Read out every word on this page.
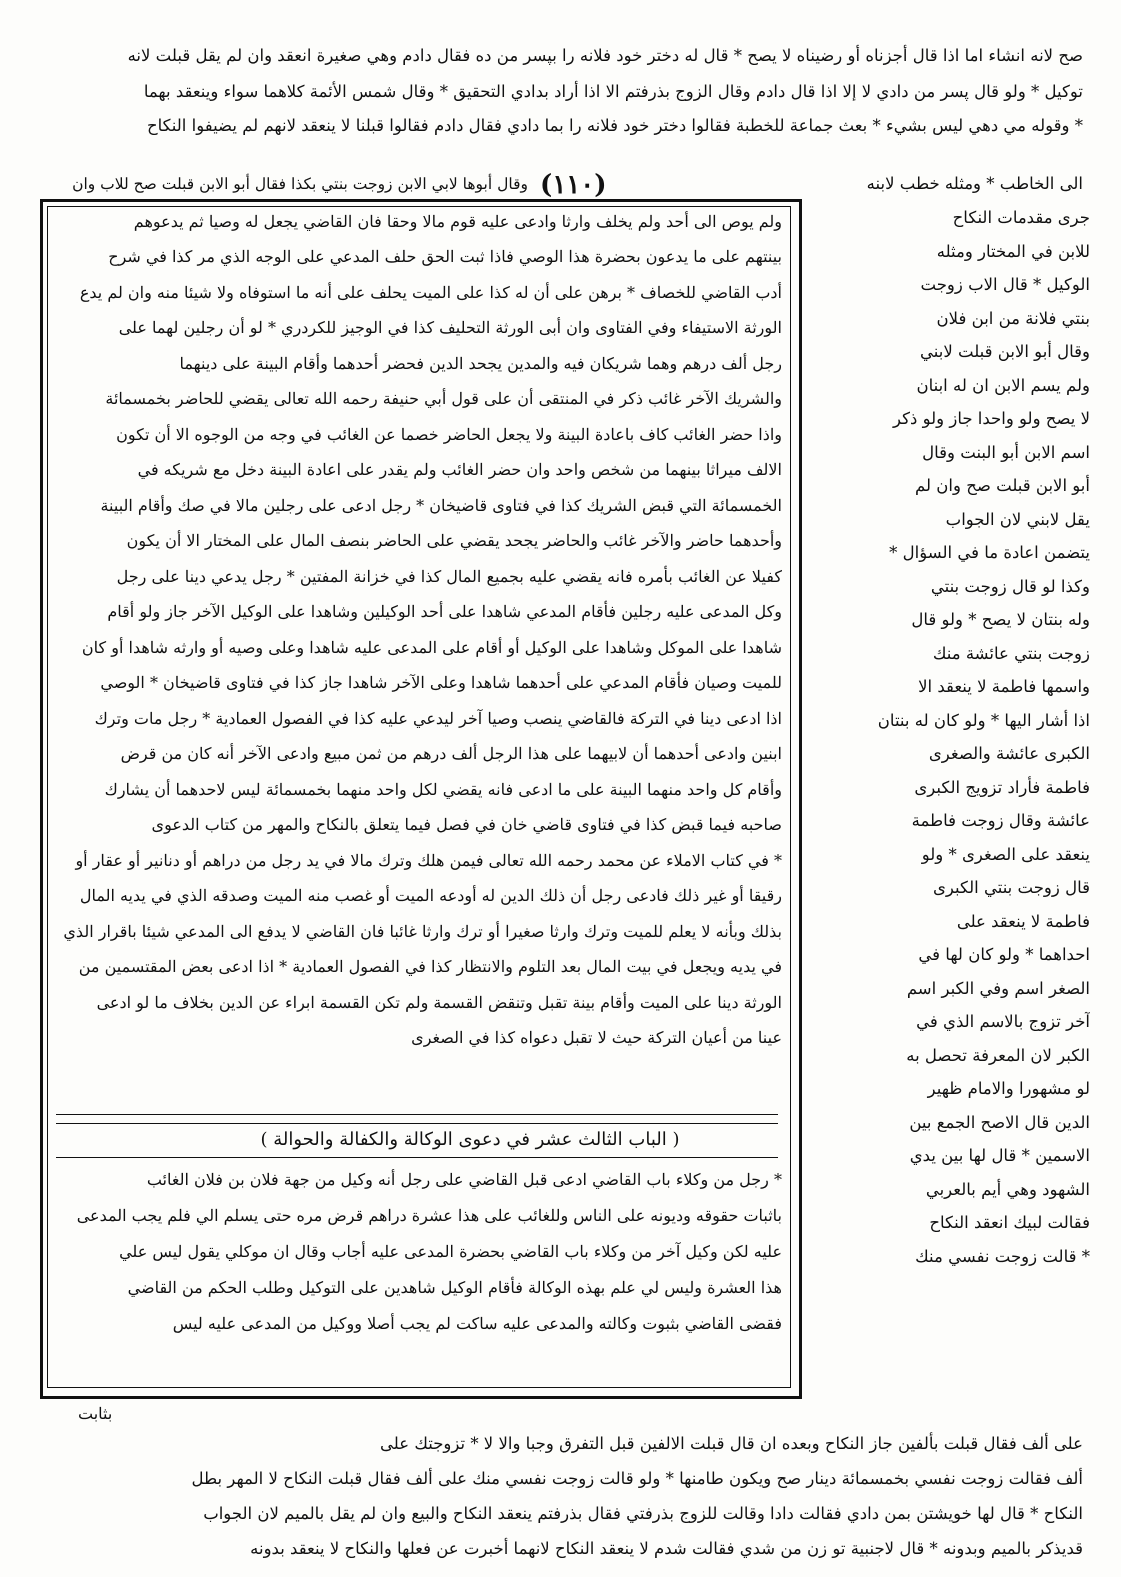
صح لانه انشاء اما اذا قال أجزناه أو رضيناه لا يصح * قال له دختر خود فلانه را بپسر من ده فقال دادم وهي صغيرة انعقد وان لم يقل قبلت لانه
توكيل * ولو قال پسر من دادي لا إلا اذا قال دادم وقال الزوج بذرفتم الا اذا أراد بدادي التحقيق * وقال شمس الأئمة كلاهما سواء وينعقد بهما
* وقوله مي دهي ليس بشيء * بعث جماعة للخطبة فقالوا دختر خود فلانه را بما دادي فقال دادم فقالوا قبلنا لا ينعقد لانهم لم يضيفوا النكاح
الى الخاطب * ومثله خطب لابنه
وقال أبوها لابي الابن زوجت بنتي بكذا فقال أبو الابن قبلت صح للاب وان (١١٠)
ولم يوص الى أحد ولم يخلف وارثا وادعى عليه قوم مالا وحقا فان القاضي يجعل له وصيا ثم يدعوهم
بينتهم على ما يدعون بحضرة هذا الوصي فاذا ثبت الحق حلف المدعي على الوجه الذي مر كذا في شرح
أدب القاضي للخصاف * برهن على أن له كذا على الميت يحلف على أنه ما استوفاه ولا شيئا منه وان لم يدع
الورثة الاستيفاء وفي الفتاوى وان أبى الورثة التحليف كذا في الوجيز للكردري * لو أن رجلين لهما على
رجل ألف درهم وهما شريكان فيه والمدين يجحد الدين فحضر أحدهما وأقام البينة على دينهما
والشريك الآخر غائب ذكر في المنتقى أن على قول أبي حنيفة رحمه الله تعالى يقضي للحاضر بخمسمائة
واذا حضر الغائب كاف باعادة البينة ولا يجعل الحاضر خصما عن الغائب في وجه من الوجوه الا أن تكون
الالف ميراثا بينهما من شخص واحد وان حضر الغائب ولم يقدر على اعادة البينة دخل مع شريكه في
الخمسمائة التي قبض الشريك كذا في فتاوى قاضيخان * رجل ادعى على رجلين مالا في صك وأقام البينة
وأحدهما حاضر والآخر غائب والحاضر يجحد يقضي على الحاضر بنصف المال على المختار الا أن يكون
كفيلا عن الغائب بأمره فانه يقضي عليه بجميع المال كذا في خزانة المفتين * رجل يدعي دينا على رجل
وكل المدعى عليه رجلين فأقام المدعي شاهدا على أحد الوكيلين وشاهدا على الوكيل الآخر جاز ولو أقام
شاهدا على الموكل وشاهدا على الوكيل أو أقام على المدعى عليه شاهدا وعلى وصيه أو وارثه شاهدا أو كان
للميت وصيان فأقام المدعي على أحدهما شاهدا وعلى الآخر شاهدا جاز كذا في فتاوى قاضيخان * الوصي
اذا ادعى دينا في التركة فالقاضي ينصب وصيا آخر ليدعي عليه كذا في الفصول العمادية * رجل مات وترك
ابنين وادعى أحدهما أن لابيهما على هذا الرجل ألف درهم من ثمن مبيع وادعى الآخر أنه كان من قرض
وأقام كل واحد منهما البينة على ما ادعى فانه يقضي لكل واحد منهما بخمسمائة ليس لاحدهما أن يشارك
صاحبه فيما قبض كذا في فتاوى قاضي خان في فصل فيما يتعلق بالنكاح والمهر من كتاب الدعوى
* في كتاب الاملاء عن محمد رحمه الله تعالى فيمن هلك وترك مالا في يد رجل من دراهم أو دنانير أو عقار أو
رقيقا أو غير ذلك فادعى رجل أن ذلك الدين له أودعه الميت أو غصب منه الميت وصدقه الذي في يديه المال
بذلك وبأنه لا يعلم للميت وترك وارثا صغيرا أو ترك وارثا غائبا فان القاضي لا يدفع الى المدعي شيئا باقرار الذي
في يديه ويجعل في بيت المال بعد التلوم والانتظار كذا في الفصول العمادية * اذا ادعى بعض المقتسمين من
الورثة دينا على الميت وأقام بينة تقبل وتنقض القسمة ولم تكن القسمة ابراء عن الدين بخلاف ما لو ادعى
عينا من أعيان التركة حيث لا تقبل دعواه كذا في الصغرى
( الباب الثالث عشر في دعوى الوكالة والكفالة والحوالة )
* رجل من وكلاء باب القاضي ادعى قبل القاضي على رجل أنه وكيل من جهة فلان بن فلان الغائب
باثبات حقوقه وديونه على الناس وللغائب على هذا عشرة دراهم قرض مره حتى يسلم الي فلم يجب المدعى
عليه لكن وكيل آخر من وكلاء باب القاضي بحضرة المدعى عليه أجاب وقال ان موكلي يقول ليس علي
هذا العشرة وليس لي علم بهذه الوكالة فأقام الوكيل شاهدين على التوكيل وطلب الحكم من القاضي
فقضى القاضي بثبوت وكالته والمدعى عليه ساكت لم يجب أصلا ووكيل من المدعى عليه ليس
جرى مقدمات النكاح
للابن في المختار ومثله
الوكيل * قال الاب زوجت
بنتي فلانة من ابن فلان
وقال أبو الابن قبلت لابني
ولم يسم الابن ان له ابنان
لا يصح ولو واحدا جاز ولو ذكر
اسم الابن أبو البنت وقال
أبو الابن قبلت صح وان لم
يقل لابني لان الجواب
يتضمن اعادة ما في السؤال *
وكذا لو قال زوجت بنتي
وله بنتان لا يصح * ولو قال
زوجت بنتي عائشة منك
واسمها فاطمة لا ينعقد الا
اذا أشار اليها * ولو كان له بنتان
الكبرى عائشة والصغرى
فاطمة فأراد تزويج الكبرى
عائشة وقال زوجت فاطمة
ينعقد على الصغرى * ولو
قال زوجت بنتي الكبرى
فاطمة لا ينعقد على
احداهما * ولو كان لها في
الصغر اسم وفي الكبر اسم
آخر تزوج بالاسم الذي في
الكبر لان المعرفة تحصل به
لو مشهورا والامام ظهير
الدين قال الاصح الجمع بين
الاسمين * قال لها بين يدي
الشهود وهي أيم بالعربي
فقالت لبيك انعقد النكاح
* قالت زوجت نفسي منك
بثابت
على ألف فقال قبلت بألفين جاز النكاح وبعده ان قال قبلت الالفين قبل التفرق وجبا والا لا * تزوجتك على
ألف فقالت زوجت نفسي بخمسمائة دينار صح ويكون طامنها * ولو قالت زوجت نفسي منك على ألف فقال قبلت النكاح لا المهر بطل
النكاح * قال لها خويشتن بمن دادي فقالت دادا وقالت للزوج بذرفتي فقال بذرفتم ينعقد النكاح والبيع وان لم يقل بالميم لان الجواب
قديذكر بالميم وبدونه * قال لاجنبية تو زن من شدي فقالت شدم لا ينعقد النكاح لانهما أخبرت عن فعلها والنكاح لا ينعقد بدونه
